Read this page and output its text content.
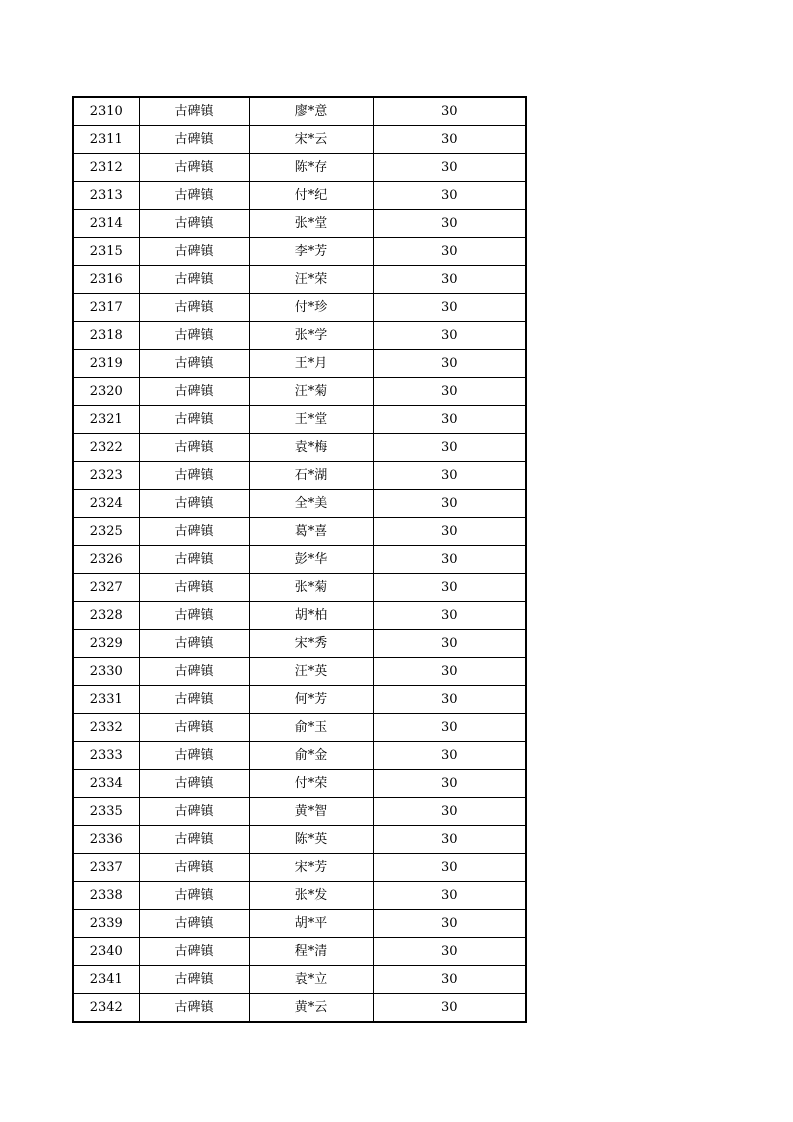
2310	古碑镇	廖*意	30
2311	古碑镇	宋*云	30
2312	古碑镇	陈*存	30
2313	古碑镇	付*纪	30
2314	古碑镇	张*堂	30
2315	古碑镇	李*芳	30
2316	古碑镇	汪*荣	30
2317	古碑镇	付*珍	30
2318	古碑镇	张*学	30
2319	古碑镇	王*月	30
2320	古碑镇	汪*菊	30
2321	古碑镇	王*堂	30
2322	古碑镇	袁*梅	30
2323	古碑镇	石*湖	30
2324	古碑镇	全*美	30
2325	古碑镇	葛*喜	30
2326	古碑镇	彭*华	30
2327	古碑镇	张*菊	30
2328	古碑镇	胡*柏	30
2329	古碑镇	宋*秀	30
2330	古碑镇	汪*英	30
2331	古碑镇	何*芳	30
2332	古碑镇	俞*玉	30
2333	古碑镇	俞*金	30
2334	古碑镇	付*荣	30
2335	古碑镇	黄*智	30
2336	古碑镇	陈*英	30
2337	古碑镇	宋*芳	30
2338	古碑镇	张*发	30
2339	古碑镇	胡*平	30
2340	古碑镇	程*清	30
2341	古碑镇	袁*立	30
2342	古碑镇	黄*云	30
